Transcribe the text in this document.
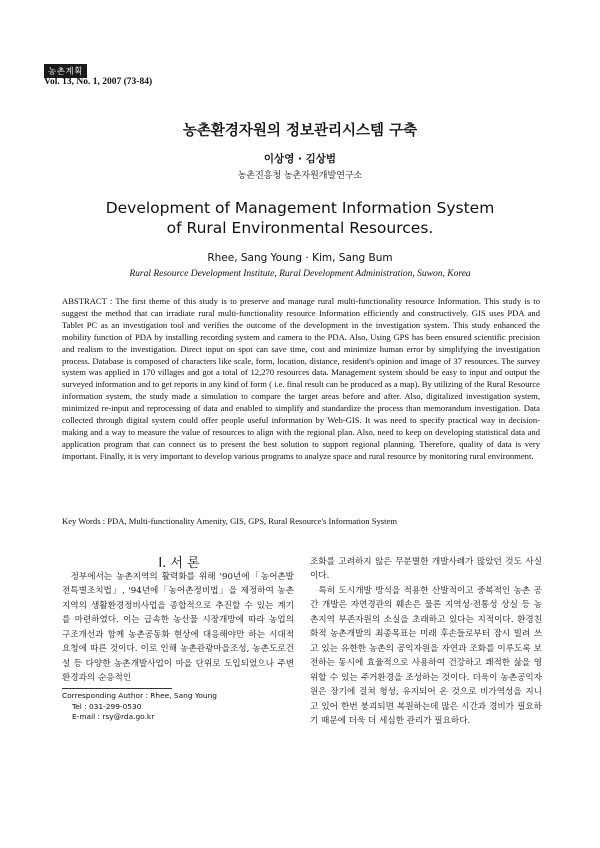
농촌계획
Vol. 13, No. 1, 2007 (73-84)
농촌환경자원의 정보관리시스템 구축
이상영 · 김상범
농촌진흥청 농촌자원개발연구소
Development of Management Information System
of Rural Environmental Resources.
Rhee, Sang Young · Kim, Sang Bum
Rural Resource Development Institute, Rural Development Administration, Suwon, Korea

ABSTRACT : The first theme of this study is to preserve and manage rural multi-functionality resource Information. This study is to suggest the method that can irradiate rural multi-functionality resource Information efficiently and constructively. GIS uses PDA and Tablet PC as an investigation tool and verifies the outcome of the development in the investigation system. This study enhanced the mobility function of PDA by installing recording system and camera to the PDA. Also, Using GPS has been ensured scientific precision and realism to the investigation. Direct input on spot can save time, cost and minimize human error by simplifying the investigation process. Database is composed of characters like scale, form, location, distance, resident's opinion and image of 37 resources. The survey system was applied in 170 villages and got a total of 12,270 resources data. Management system should be easy to input and output the surveyed information and to get reports in any kind of form ( i.e. final result can be produced as a map). By utilizing of the Rural Resource information system, the study made a simulation to compare the target areas before and after. Also, digitalized investigation system, minimized re-input and reprocessing of data and enabled to simplify and standardize the process than memorandum investigation. Data collected through digital system could offer people useful information by Web-GIS. It was need to specify practical way in decision-making and a way to measure the value of resources to align with the regional plan. Also, need to keep on developing statistical data and application program that can connect us to present the best solution to support regional planning. Therefore, quality of data is very important. Finally, it is very important to develop various programs to analyze space and rural resource by monitoring rural environment.

Key Words : PDA, Multi-functionality Amenity, GIS, GPS, Rural Resource's Information System

Ⅰ. 서 론

정부에서는 농촌지역의 활력화를 위해 '90년에「농어촌발전특별조치법」, '94년에「농어촌정비법」을 제정하여 농촌지역의 생활환경정비사업을 종합적으로 추진할 수 있는 계기를 마련하였다. 이는 급속한 농산물 시장개방에 따라 농업의 구조개선과 함께 농촌공동화 현상에 대응해야만 하는 시대적 요청에 따른 것이다. 이로 인해 농촌관광마을조성, 농촌도로건설 등 다양한 농촌개발사업이 마을 단위로 도입되었으나 주변 환경과의 순응적인

조화를 고려하지 않은 무분별한 개발사례가 많았던 것도 사실이다.

특히 도시개발 방식을 적용한 산발적이고 중복적인 농촌 공간 개발은 자연경관의 훼손은 물론 지역성·전통성 상실 등 농촌지역 부존자원의 소실을 초래하고 있다는 지적이다. 환경친화적 농촌개발의 최종목표는 미래 후손들로부터 잠시 빌려 쓰고 있는 유한한 농촌의 공익자원을 자연과 조화를 이루도록 보전하는 동시에 효율적으로 사용하여 건강하고 쾌적한 삶을 영위할 수 있는 주거환경을 조성하는 것이다. 더욱이 농촌공익자원은 장기에 걸쳐 형성, 유지되어 온 것으로 비가역성을 지니고 있어 한번 붕괴되면 복원하는데 많은 시간과 경비가 필요하기 때문에 더욱 더 세심한 관리가 필요하다.

Corresponding Author : Rhee, Sang Young
Tel : 031-299-0530
E-mail : rsy@rda.go.kr
